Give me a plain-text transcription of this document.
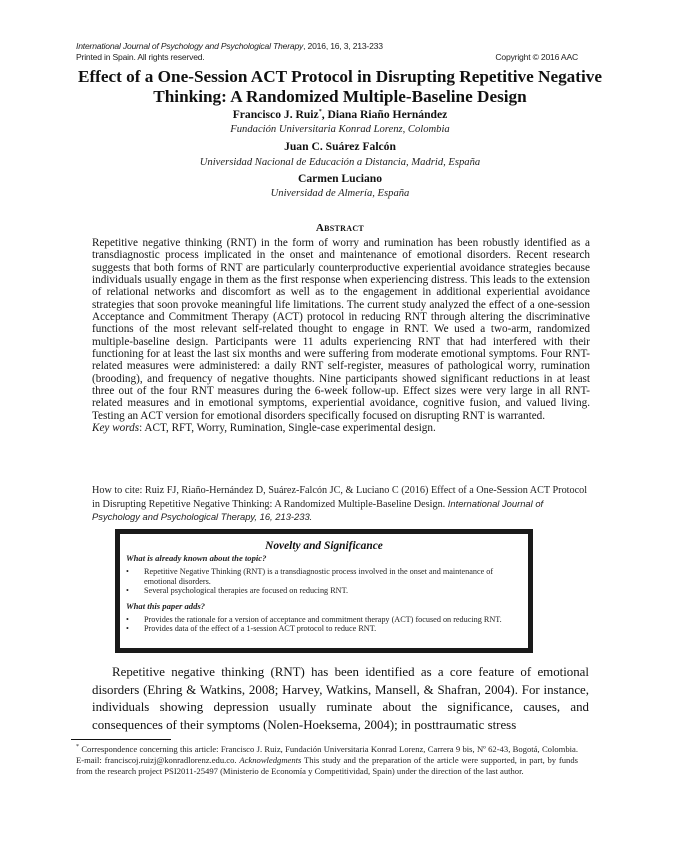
International Journal of Psychology and Psychological Therapy, 2016, 16, 3, 213-233
Printed in Spain. All rights reserved.	Copyright © 2016 AAC
Effect of a One-Session ACT Protocol in Disrupting Repetitive Negative Thinking: A Randomized Multiple-Baseline Design
Francisco J. Ruiz*, Diana Riaño Hernández
Fundación Universitaria Konrad Lorenz, Colombia
Juan C. Suárez Falcón
Universidad Nacional de Educación a Distancia, Madrid, España
Carmen Luciano
Universidad de Almería, España
Abstract
Repetitive negative thinking (RNT) in the form of worry and rumination has been robustly identified as a transdiagnostic process implicated in the onset and maintenance of emotional disorders. Recent research suggests that both forms of RNT are particularly counterproductive experiential avoidance strategies because individuals usually engage in them as the first response when experiencing distress. This leads to the extension of relational networks and discomfort as well as to the engagement in additional experiential avoidance strategies that soon provoke meaningful life limitations. The current study analyzed the effect of a one-session Acceptance and Commitment Therapy (ACT) protocol in reducing RNT through altering the discriminative functions of the most relevant self-related thought to engage in RNT. We used a two-arm, randomized multiple-baseline design. Participants were 11 adults experiencing RNT that had interfered with their functioning for at least the last six months and were suffering from moderate emotional symptoms. Four RNT-related measures were administered: a daily RNT self-register, measures of pathological worry, rumination (brooding), and frequency of negative thoughts. Nine participants showed significant reductions in at least three out of the four RNT measures during the 6-week follow-up. Effect sizes were very large in all RNT-related measures and in emotional symptoms, experiential avoidance, cognitive fusion, and valued living. Testing an ACT version for emotional disorders specifically focused on disrupting RNT is warranted.
Key words: ACT, RFT, Worry, Rumination, Single-case experimental design.
How to cite: Ruiz FJ, Riaño-Hernández D, Suárez-Falcón JC, & Luciano C (2016) Effect of a One-Session ACT Protocol in Disrupting Repetitive Negative Thinking: A Randomized Multiple-Baseline Design. International Journal of Psychology and Psychological Therapy, 16, 213-233.
Novelty and Significance
What is already known about the topic?
• Repetitive Negative Thinking (RNT) is a transdiagnostic process involved in the onset and maintenance of emotional disorders.
• Several psychological therapies are focused on reducing RNT.
What this paper adds?
• Provides the rationale for a version of acceptance and commitment therapy (ACT) focused on reducing RNT.
• Provides data of the effect of a 1-session ACT protocol to reduce RNT.

Repetitive negative thinking (RNT) has been identified as a core feature of emotional disorders (Ehring & Watkins, 2008; Harvey, Watkins, Mansell, & Shafran, 2004). For instance, individuals showing depression usually ruminate about the significance, causes, and consequences of their symptoms (Nolen-Hoeksema, 2004); in posttraumatic stress

* Correspondence concerning this article: Francisco J. Ruiz, Fundación Universitaria Konrad Lorenz, Carrera 9 bis, Nº 62-43, Bogotá, Colombia. E-mail: franciscoj.ruizj@konradlorenz.edu.co. Acknowledgments This study and the preparation of the article were supported, in part, by funds from the research project PSI2011-25497 (Ministerio de Economía y Competitividad, Spain) under the direction of the last author.
